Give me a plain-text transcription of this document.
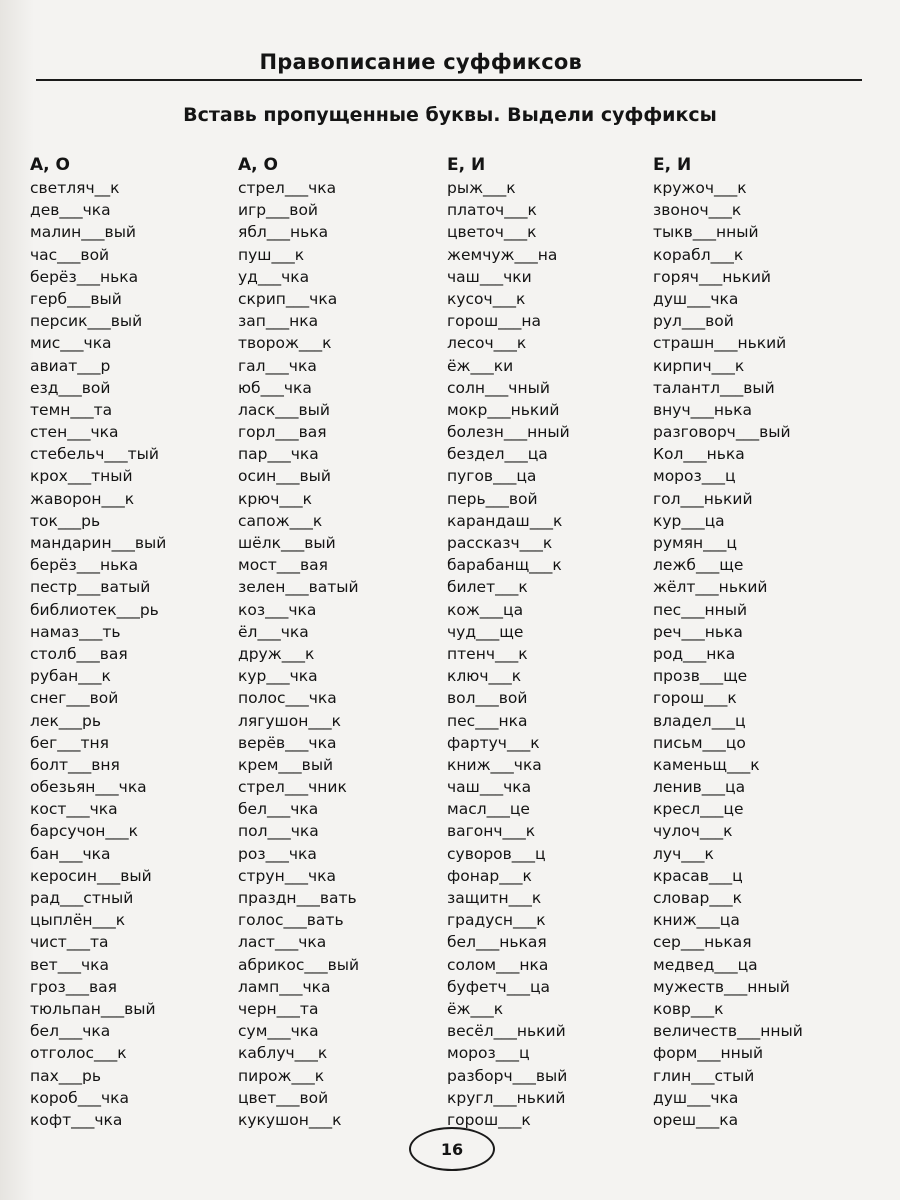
Правописание суффиксов
Вставь пропущенные буквы. Выдели суффиксы
А, О
светляч__к
дев___чка
малин___вый
час___вой
берёз___нька
герб___вый
персик___вый
мис___чка
авиат___р
езд___вой
темн___та
стен___чка
стебельч___тый
крох___тный
жаворон___к
ток___рь
мандарин___вый
берёз___нька
пестр___ватый
библиотек___рь
намаз___ть
столб___вая
рубан___к
снег___вой
лек___рь
бег___тня
болт___вня
обезьян___чка
кост___чка
барсучон___к
бан___чка
керосин___вый
рад___стный
цыплён___к
чист___та
вет___чка
гроз___вая
тюльпан___вый
бел___чка
отголос___к
пах___рь
короб___чка
кофт___чка
А, О
стрел___чка
игр___вой
ябл___нька
пуш___к
уд___чка
скрип___чка
зап___нка
творож___к
гал___чка
юб___чка
ласк___вый
горл___вая
пар___чка
осин___вый
крюч___к
сапож___к
шёлк___вый
мост___вая
зелен___ватый
коз___чка
ёл___чка
друж___к
кур___чка
полос___чка
лягушон___к
верёв___чка
крем___вый
стрел___чник
бел___чка
пол___чка
роз___чка
струн___чка
праздн___вать
голос___вать
ласт___чка
абрикос___вый
ламп___чка
черн___та
сум___чка
каблуч___к
пирож___к
цвет___вой
кукушон___к
Е, И
рыж___к
платоч___к
цветоч___к
жемчуж___на
чаш___чки
кусоч___к
горош___на
лесоч___к
ёж___ки
солн___чный
мокр___нький
болезн___нный
бездел___ца
пугов___ца
перь___вой
карандаш___к
рассказч___к
барабанщ___к
билет___к
кож___ца
чуд___ще
птенч___к
ключ___к
вол___вой
пес___нка
фартуч___к
книж___чка
чаш___чка
масл___це
вагонч___к
суворов___ц
фонар___к
защитн___к
градусн___к
бел___нькая
солом___нка
буфетч___ца
ёж___к
весёл___нький
мороз___ц
разборч___вый
кругл___нький
горош___к
Е, И
кружоч___к
звоноч___к
тыкв___нный
корабл___к
горяч___нький
душ___чка
рул___вой
страшн___нький
кирпич___к
талантл___вый
внуч___нька
разговорч___вый
Кол___нька
мороз___ц
гол___нький
кур___ца
румян___ц
лежб___ще
жёлт___нький
пес___нный
реч___нька
род___нка
прозв___ще
горош___к
владел___ц
письм___цо
каменьщ___к
ленив___ца
кресл___це
чулоч___к
луч___к
красав___ц
словар___к
книж___ца
сер___нькая
медвед___ца
мужеств___нный
ковр___к
величеств___нный
форм___нный
глин___стый
душ___чка
ореш___ка
16
